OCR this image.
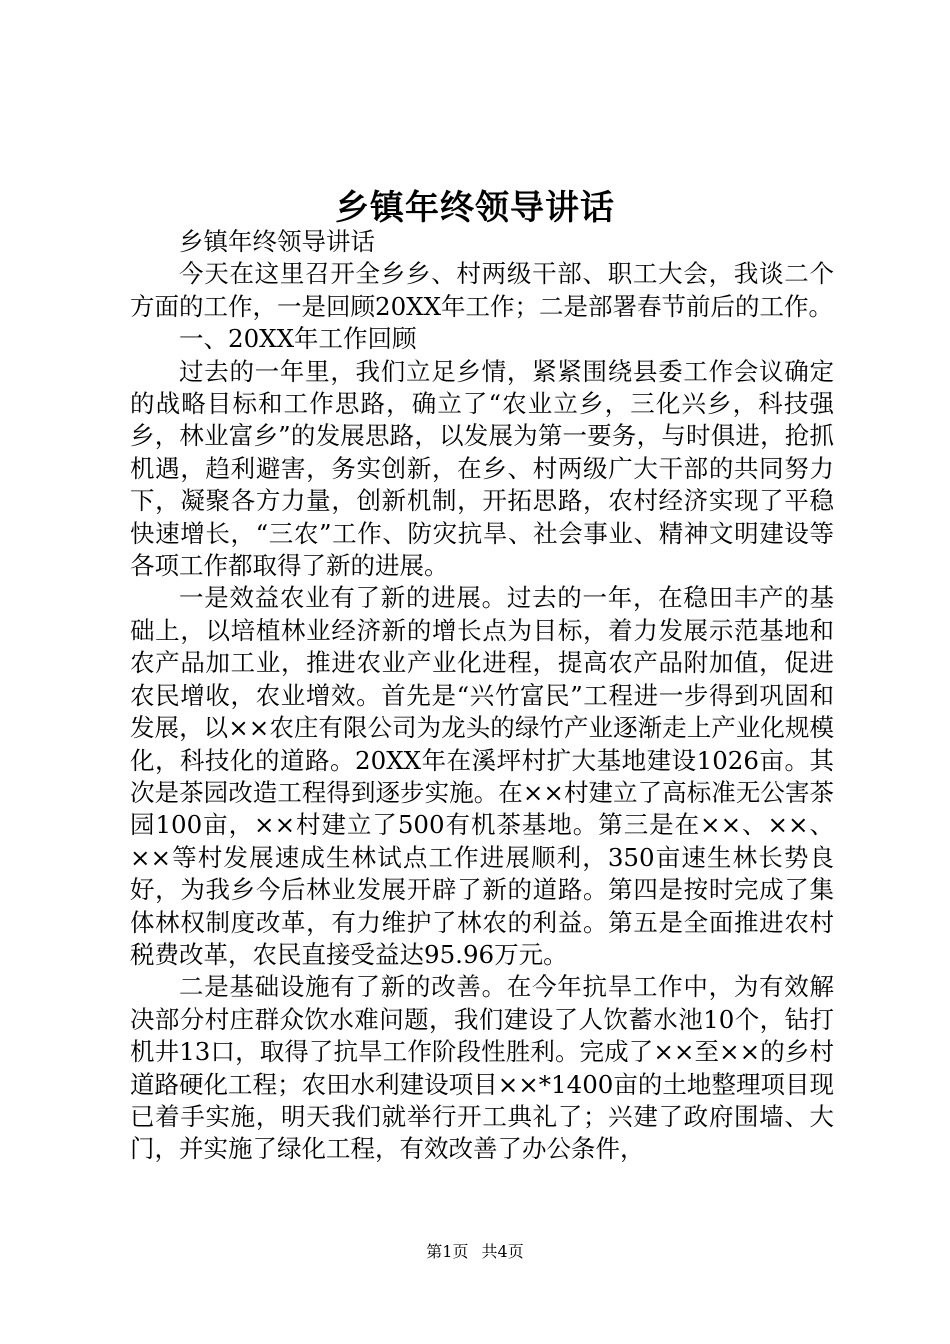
乡镇年终领导讲话

乡镇年终领导讲话

今天在这里召开全乡乡、村两级干部、职工大会，我谈二个方面的工作，一是回顾20XX年工作；二是部署春节前后的工作。

一、20XX年工作回顾

过去的一年里，我们立足乡情，紧紧围绕县委工作会议确定的战略目标和工作思路，确立了“农业立乡，三化兴乡，科技强乡，林业富乡”的发展思路，以发展为第一要务，与时俱进，抢抓机遇，趋利避害，务实创新，在乡、村两级广大干部的共同努力下，凝聚各方力量，创新机制，开拓思路，农村经济实现了平稳快速增长，“三农”工作、防灾抗旱、社会事业、精神文明建设等各项工作都取得了新的进展。

一是效益农业有了新的进展。过去的一年，在稳田丰产的基础上，以培植林业经济新的增长点为目标，着力发展示范基地和农产品加工业，推进农业产业化进程，提高农产品附加值，促进农民增收，农业增效。首先是“兴竹富民”工程进一步得到巩固和发展，以××农庄有限公司为龙头的绿竹产业逐渐走上产业化规模化，科技化的道路。20XX年在溪坪村扩大基地建设1026亩。其次是茶园改造工程得到逐步实施。在××村建立了高标准无公害茶园100亩，××村建立了500有机茶基地。第三是在××、××、××等村发展速成生林试点工作进展顺利，350亩速生林长势良好，为我乡今后林业发展开辟了新的道路。第四是按时完成了集体林权制度改革，有力维护了林农的利益。第五是全面推进农村税费改革，农民直接受益达95.96万元。

二是基础设施有了新的改善。在今年抗旱工作中，为有效解决部分村庄群众饮水难问题，我们建设了人饮蓄水池10个，钻打机井13口，取得了抗旱工作阶段性胜利。完成了××至××的乡村道路硬化工程；农田水利建设项目××*1400亩的土地整理项目现已着手实施，明天我们就举行开工典礼了；兴建了政府围墙、大门，并实施了绿化工程，有效改善了办公条件，

第1页 共4页
